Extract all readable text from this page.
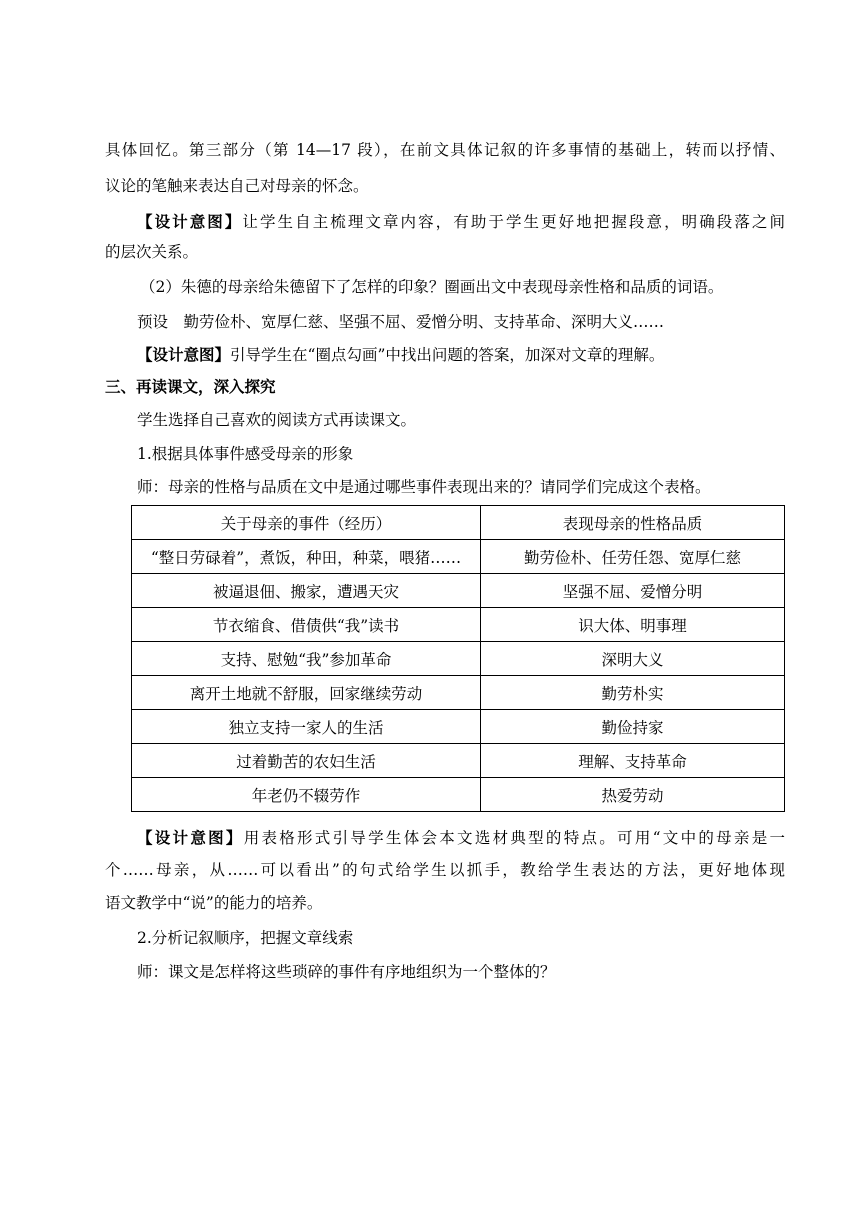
具体回忆。第三部分（第 14—17 段），在前文具体记叙的许多事情的基础上，转而以抒情、
议论的笔触来表达自己对母亲的怀念。
【设计意图】让学生自主梳理文章内容，有助于学生更好地把握段意，明确段落之间
的层次关系。
（2）朱德的母亲给朱德留下了怎样的印象？圈画出文中表现母亲性格和品质的词语。
预设　勤劳俭朴、宽厚仁慈、坚强不屈、爱憎分明、支持革命、深明大义……
【设计意图】引导学生在“圈点勾画”中找出问题的答案，加深对文章的理解。
三、再读课文，深入探究
学生选择自己喜欢的阅读方式再读课文。
1.根据具体事件感受母亲的形象
师：母亲的性格与品质在文中是通过哪些事件表现出来的？请同学们完成这个表格。
关于母亲的事件（经历）	表现母亲的性格品质
“整日劳碌着”，煮饭，种田，种菜，喂猪……	勤劳俭朴、任劳任怨、宽厚仁慈
被逼退佃、搬家，遭遇天灾	坚强不屈、爱憎分明
节衣缩食、借债供“我”读书	识大体、明事理
支持、慰勉“我”参加革命	深明大义
离开土地就不舒服，回家继续劳动	勤劳朴实
独立支持一家人的生活	勤俭持家
过着勤苦的农妇生活	理解、支持革命
年老仍不辍劳作	热爱劳动
【设计意图】用表格形式引导学生体会本文选材典型的特点。可用“文中的母亲是一
个……母亲，从……可以看出”的句式给学生以抓手，教给学生表达的方法，更好地体现
语文教学中“说”的能力的培养。
2.分析记叙顺序，把握文章线索
师：课文是怎样将这些琐碎的事件有序地组织为一个整体的？
